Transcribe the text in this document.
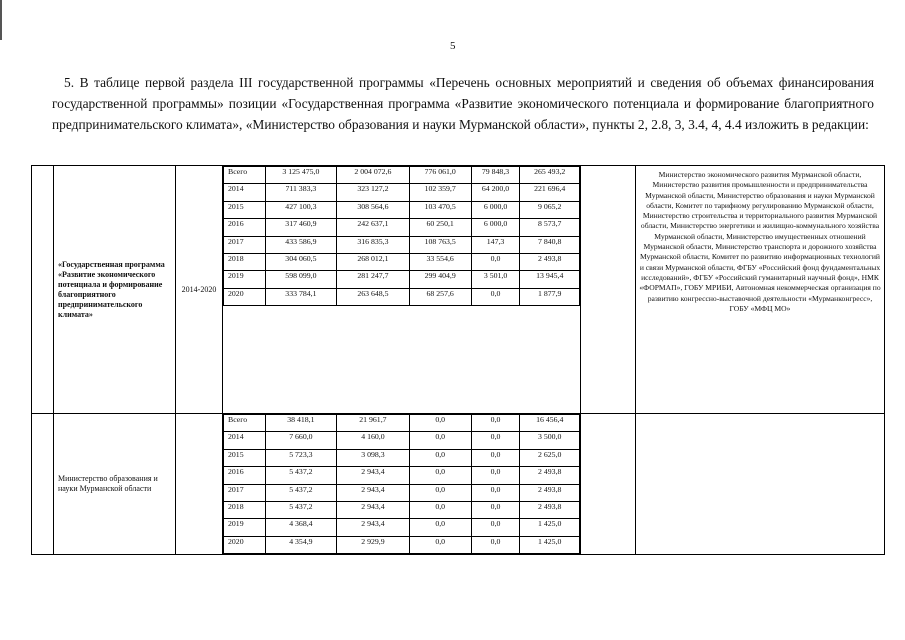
5
5. В таблице первой раздела III государственной программы «Перечень основных мероприятий и сведения об объемах финансирования государственной программы» позиции «Государственная программа «Развитие экономического потенциала и формирование благоприятного предпринимательского климата», «Министерство образования и науки Мурманской области», пункты 2, 2.8, 3, 3.4, 4, 4.4 изложить в редакции:
	«Государственная программа «Развитие экономического потенциала и формирование благоприятного предпринимательского климата»	2014-2020	
Всего	3 125 475,0	2 004 072,6	776 061,0	79 848,3	265 493,2
2014	711 383,3	323 127,2	102 359,7	64 200,0	221 696,4
2015	427 100,3	308 564,6	103 470,5	6 000,0	9 065,2
2016	317 460,9	242 637,1	60 250,1	6 000,0	8 573,7
2017	433 586,9	316 835,3	108 763,5	147,3	7 840,8
2018	304 060,5	268 012,1	33 554,6	0,0	2 493,8
2019	598 099,0	281 247,7	299 404,9	3 501,0	13 945,4
2020	333 784,1	263 648,5	68 257,6	0,0	1 877,9
		Министерство экономического развития Мурманской области, Министерство развития промышленности и предпринимательства Мурманской области, Министерство образования и науки Мурманской области, Комитет по тарифному регулированию Мурманской области, Министерство строительства и территориального развития Мурманской области, Министерство энергетики и жилищно-коммунального хозяйства Мурманской области, Министерство имущественных отношений Мурманской области, Министерство транспорта и дорожного хозяйства Мурманской области, Комитет по развитию информационных технологий и связи Мурманской области, ФГБУ «Российский фонд фундаментальных исследований», ФГБУ «Российский гуманитарный научный фонд», НМК «ФОРМАП», ГОБУ МРИБИ, Автономная некоммерческая организация по развитию конгрессно-выставочной деятельности «Мурманконгресс», ГОБУ «МФЦ МО»
	Министерство образования и науки Мурманской области		
Всего	38 418,1	21 961,7	0,0	0,0	16 456,4
2014	7 660,0	4 160,0	0,0	0,0	3 500,0
2015	5 723,3	3 098,3	0,0	0,0	2 625,0
2016	5 437,2	2 943,4	0,0	0,0	2 493,8
2017	5 437,2	2 943,4	0,0	0,0	2 493,8
2018	5 437,2	2 943,4	0,0	0,0	2 493,8
2019	4 368,4	2 943,4	0,0	0,0	1 425,0
2020	4 354,9	2 929,9	0,0	0,0	1 425,0
